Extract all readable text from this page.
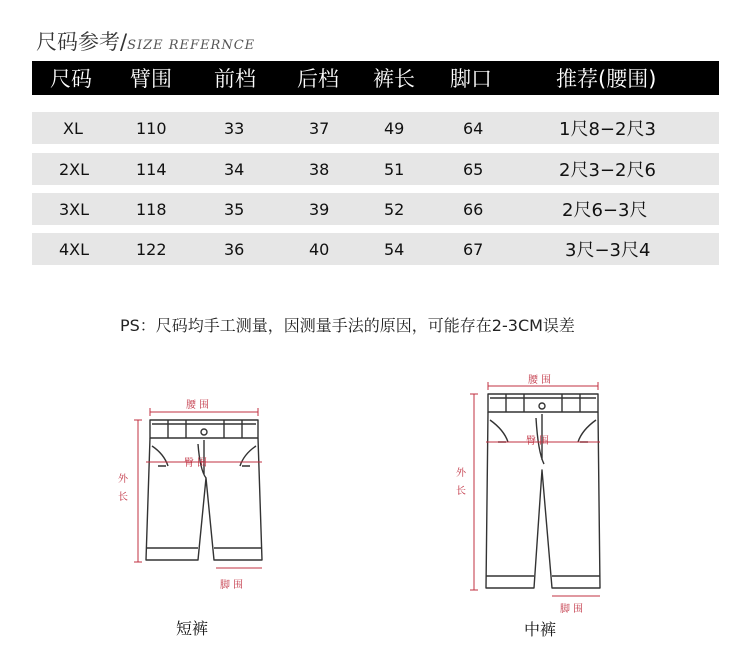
尺码参考/SIZE REFERNCE
尺码 臂围 前档 后档 裤长 脚口	推荐(腰围)
XL	110	33	37	49	64	1尺8−2尺3
2XL	114	34	38	51	65	2尺3−2尺6
3XL	118	35	39	52	66	2尺6−3尺
4XL	122	36	40	54	67	3尺−3尺4
PS：尺码均手工测量，因测量手法的原因，可能存在2-3CM误差
腰围
臀围
外
长
脚围
短裤
腰围
臀围
外
长
脚围
中裤
